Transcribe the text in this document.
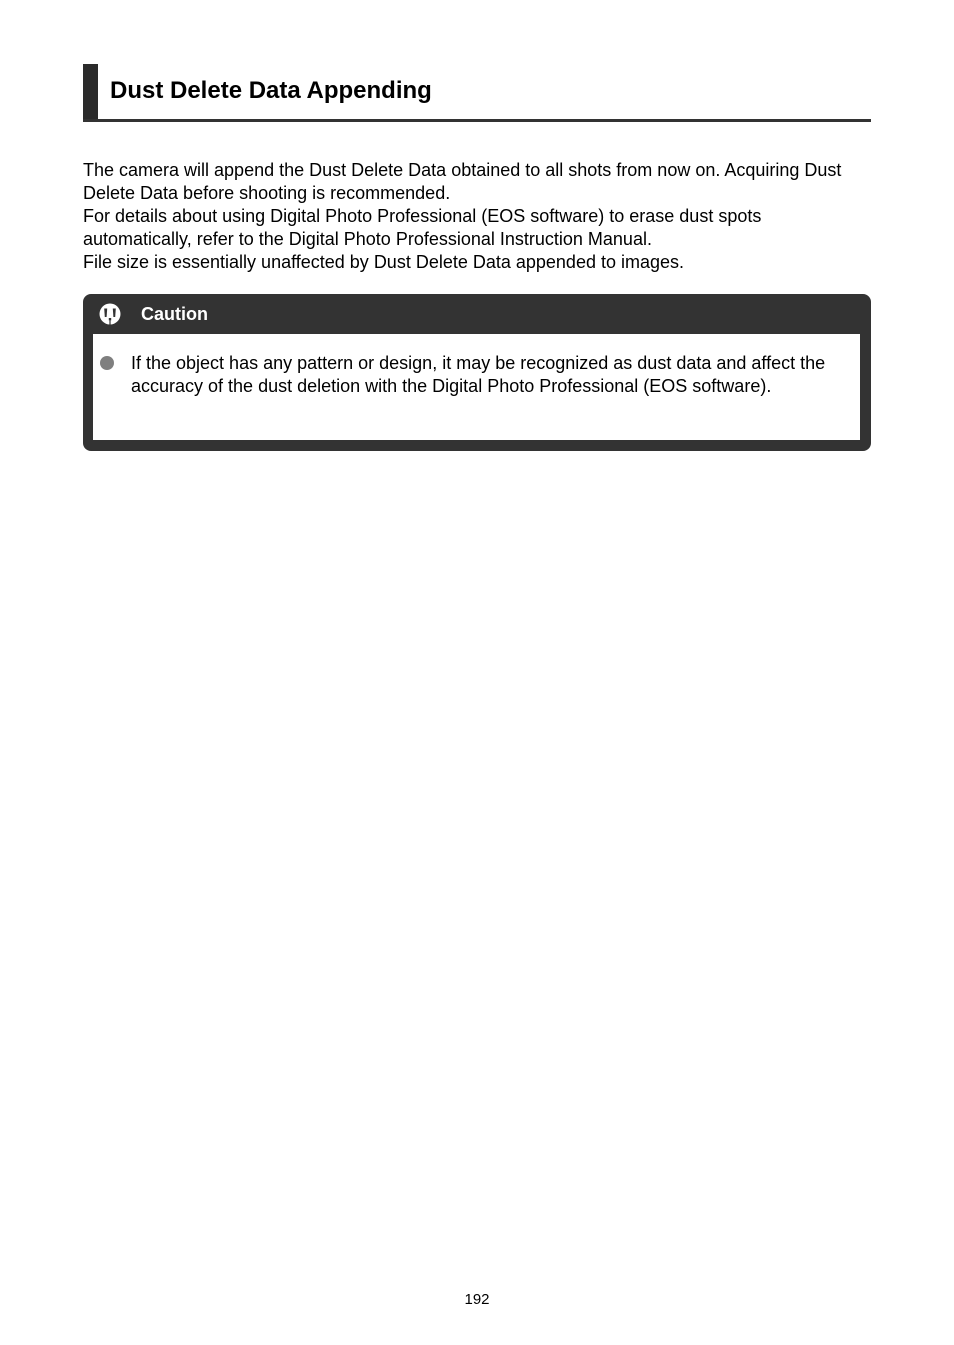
Dust Delete Data Appending

The camera will append the Dust Delete Data obtained to all shots from now on. Acquiring Dust Delete Data before shooting is recommended.

For details about using Digital Photo Professional (EOS software) to erase dust spots automatically, refer to the Digital Photo Professional Instruction Manual.

File size is essentially unaffected by Dust Delete Data appended to images.

Caution
If the object has any pattern or design, it may be recognized as dust data and affect the accuracy of the dust deletion with the Digital Photo Professional (EOS software).
192
